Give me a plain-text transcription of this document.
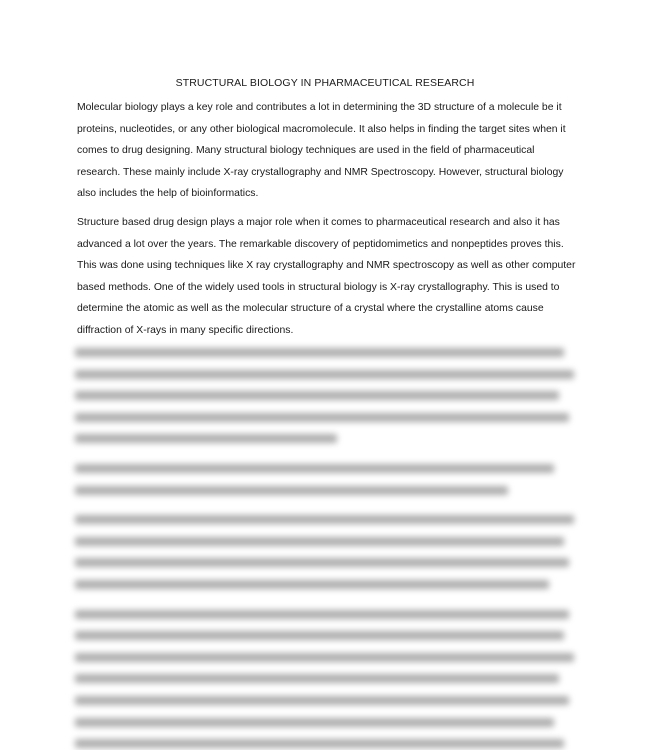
STRUCTURAL BIOLOGY IN PHARMACEUTICAL RESEARCH

Molecular biology plays a key role and contributes a lot in determining the 3D structure of a molecule be it proteins, nucleotides, or any other biological macromolecule. It also helps in finding the target sites when it comes to drug designing. Many structural biology techniques are used in the field of pharmaceutical research. These mainly include X-ray crystallography and NMR Spectroscopy. However, structural biology also includes the help of bioinformatics.

Structure based drug design plays a major role when it comes to pharmaceutical research and also it has advanced a lot over the years. The remarkable discovery of peptidomimetics and nonpeptides proves this. This was done using techniques like X ray crystallography and NMR spectroscopy as well as other computer based methods. One of the widely used tools in structural biology is X-ray crystallography. This is used to determine the atomic as well as the molecular structure of a crystal where the crystalline atoms cause diffraction of X-rays in many specific directions.
